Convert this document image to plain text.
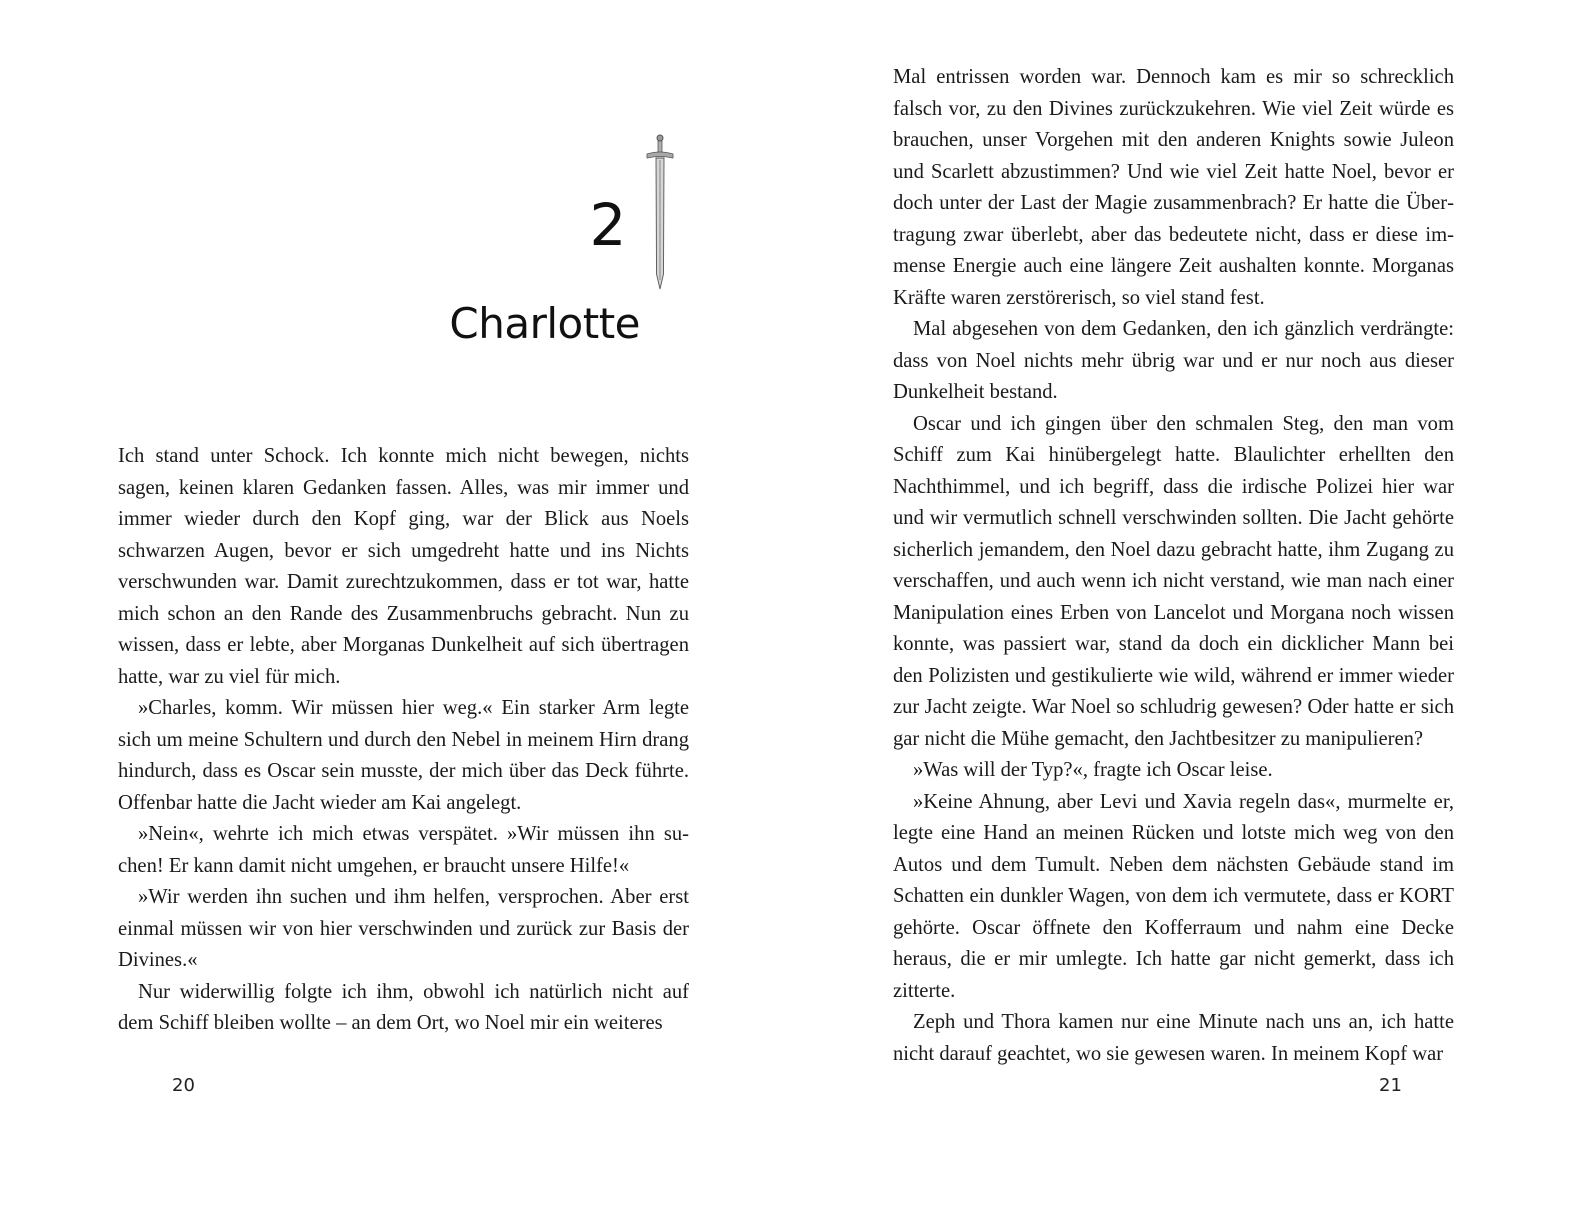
2
Charlotte

Ich stand unter Schock. Ich konnte mich nicht bewegen, nichts sagen, keinen klaren Gedanken fassen. Alles, was mir immer und immer wieder durch den Kopf ging, war der Blick aus Noels schwarzen Augen, bevor er sich umgedreht hatte und ins Nichts verschwunden war. Damit zurechtzukommen, dass er tot war, hatte mich schon an den Rande des Zusammenbruchs gebracht. Nun zu wissen, dass er lebte, aber Morganas Dunkelheit auf sich übertragen hatte, war zu viel für mich.

»Charles, komm. Wir müssen hier weg.« Ein starker Arm legte sich um meine Schultern und durch den Nebel in meinem Hirn drang hindurch, dass es Oscar sein musste, der mich über das Deck führte. Offenbar hatte die Jacht wieder am Kai angelegt.

»Nein«, wehrte ich mich etwas verspätet. »Wir müssen ihn suchen! Er kann damit nicht umgehen, er braucht unsere Hilfe!«

»Wir werden ihn suchen und ihm helfen, versprochen. Aber erst einmal müssen wir von hier verschwinden und zurück zur Basis der Divines.«

Nur widerwillig folgte ich ihm, obwohl ich natürlich nicht auf dem Schiff bleiben wollte – an dem Ort, wo Noel mir ein weiteres

20

Mal entrissen worden war. Dennoch kam es mir so schrecklich falsch vor, zu den Divines zurückzukehren. Wie viel Zeit würde es brauchen, unser Vorgehen mit den anderen Knights sowie Juleon und Scarlett abzustimmen? Und wie viel Zeit hatte Noel, bevor er doch unter der Last der Magie zusammenbrach? Er hatte die Übertragung zwar überlebt, aber das bedeutete nicht, dass er diese immense Energie auch eine längere Zeit aushalten konnte. Morganas Kräfte waren zerstörerisch, so viel stand fest.

Mal abgesehen von dem Gedanken, den ich gänzlich verdrängte: dass von Noel nichts mehr übrig war und er nur noch aus dieser Dunkelheit bestand.

Oscar und ich gingen über den schmalen Steg, den man vom Schiff zum Kai hinübergelegt hatte. Blaulichter erhellten den Nachthimmel, und ich begriff, dass die irdische Polizei hier war und wir vermutlich schnell verschwinden sollten. Die Jacht gehörte sicherlich jemandem, den Noel dazu gebracht hatte, ihm Zugang zu verschaffen, und auch wenn ich nicht verstand, wie man nach einer Manipulation eines Erben von Lancelot und Morgana noch wissen konnte, was passiert war, stand da doch ein dicklicher Mann bei den Polizisten und gestikulierte wie wild, während er immer wieder zur Jacht zeigte. War Noel so schludrig gewesen? Oder hatte er sich gar nicht die Mühe gemacht, den Jachtbesitzer zu manipulieren?

»Was will der Typ?«, fragte ich Oscar leise.

»Keine Ahnung, aber Levi und Xavia regeln das«, murmelte er, legte eine Hand an meinen Rücken und lotste mich weg von den Autos und dem Tumult. Neben dem nächsten Gebäude stand im Schatten ein dunkler Wagen, von dem ich vermutete, dass er KORT gehörte. Oscar öffnete den Kofferraum und nahm eine Decke heraus, die er mir umlegte. Ich hatte gar nicht gemerkt, dass ich zitterte.

Zeph und Thora kamen nur eine Minute nach uns an, ich hatte nicht darauf geachtet, wo sie gewesen waren. In meinem Kopf war

21
